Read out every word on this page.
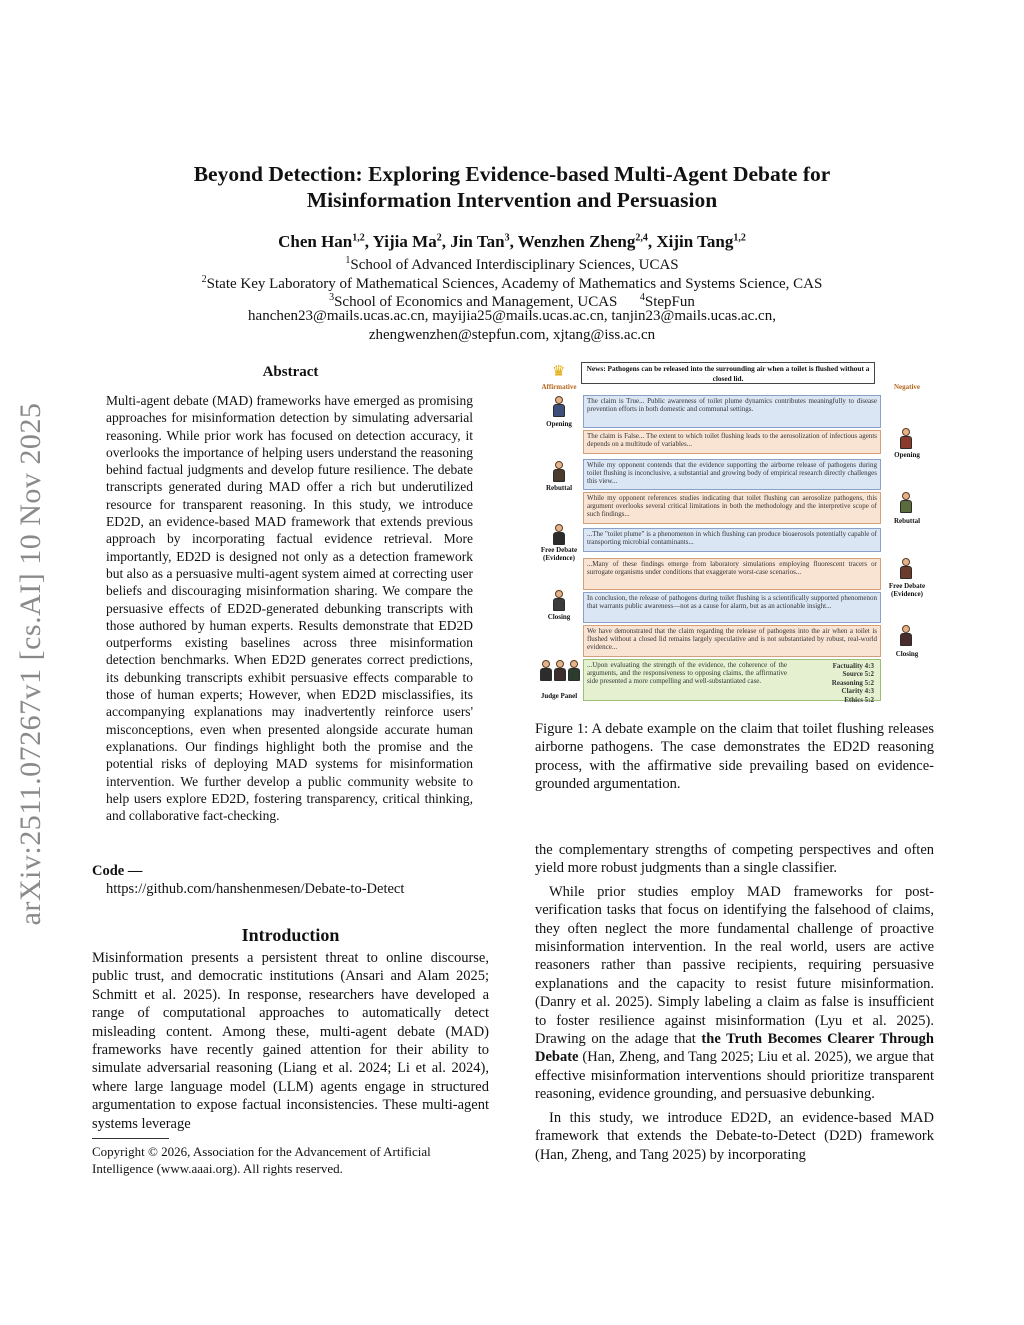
arXiv:2511.07267v1 [cs.AI] 10 Nov 2025
Beyond Detection: Exploring Evidence-based Multi-Agent Debate for
Misinformation Intervention and Persuasion
Chen Han$^{1,2}$, Yijia Ma$^2$, Jin Tan$^3$, Wenzhen Zheng$^{2,4}$, Xijin Tang$^{1,2}$
$^1$School of Advanced Interdisciplinary Sciences, UCAS
$^2$State Key Laboratory of Mathematical Sciences, Academy of Mathematics and Systems Science, CAS
$^3$School of Economics and Management, UCAS $^4$StepFun
hanchen23@mails.ucas.ac.cn, mayijia25@mails.ucas.ac.cn, tanjin23@mails.ucas.ac.cn,
zhengwenzhen@stepfun.com, xjtang@iss.ac.cn
Abstract
Multi-agent debate (MAD) frameworks have emerged as promising approaches for misinformation detection by simulating adversarial reasoning. While prior work has focused on detection accuracy, it overlooks the importance of helping users understand the reasoning behind factual judgments and develop future resilience. The debate transcripts generated during MAD offer a rich but underutilized resource for transparent reasoning. In this study, we introduce ED2D, an evidence-based MAD framework that extends previous approach by incorporating factual evidence retrieval. More importantly, ED2D is designed not only as a detection framework but also as a persuasive multi-agent system aimed at correcting user beliefs and discouraging misinformation sharing. We compare the persuasive effects of ED2D-generated debunking transcripts with those authored by human experts. Results demonstrate that ED2D outperforms existing baselines across three misinformation detection benchmarks. When ED2D generates correct predictions, its debunking transcripts exhibit persuasive effects comparable to those of human experts; However, when ED2D misclassifies, its accompanying explanations may inadvertently reinforce users' misconceptions, even when presented alongside accurate human explanations. Our findings highlight both the promise and the potential risks of deploying MAD systems for misinformation intervention. We further develop a public community website to help users explore ED2D, fostering transparency, critical thinking, and collaborative fact-checking.
Code —
https://github.com/hanshenmesen/Debate-to-Detect
Introduction
Misinformation presents a persistent threat to online discourse, public trust, and democratic institutions (Ansari and Alam 2025; Schmitt et al. 2025). In response, researchers have developed a range of computational approaches to automatically detect misleading content. Among these, multi-agent debate (MAD) frameworks have recently gained attention for their ability to simulate adversarial reasoning (Liang et al. 2024; Li et al. 2024), where large language model (LLM) agents engage in structured argumentation to expose factual inconsistencies. These multi-agent systems leverage
Copyright © 2026, Association for the Advancement of Artificial Intelligence (www.aaai.org). All rights reserved.
♛	News: Pathogens can be released into the surrounding air when a toilet is flushed without a closed lid.
Affirmative	Negative
Opening
The claim is True... Public awareness of toilet plume dynamics contributes meaningfully to disease prevention efforts in both domestic and communal settings.
The claim is False... The extent to which toilet flushing leads to the aerosolization of infectious agents depends on a multitude of variables...
Opening
Rebuttal
While my opponent contends that the evidence supporting the airborne release of pathogens during toilet flushing is inconclusive, a substantial and growing body of empirical research directly challenges this view...
While my opponent references studies indicating that toilet flushing can aerosolize pathogens, this argument overlooks several critical limitations in both the methodology and the interpretive scope of such findings...
Rebuttal
Free Debate (Evidence)
...The "toilet plume" is a phenomenon in which flushing can produce bioaerosols potentially capable of transporting microbial contaminants...
...Many of these findings emerge from laboratory simulations employing fluorescent tracers or surrogate organisms under conditions that exaggerate worst-case scenarios...
Free Debate (Evidence)
Closing
In conclusion, the release of pathogens during toilet flushing is a scientifically supported phenomenon that warrants public awareness—not as a cause for alarm, but as an actionable insight...
We have demonstrated that the claim regarding the release of pathogens into the air when a toilet is flushed without a closed lid remains largely speculative and is not substantiated by robust, real-world evidence...
Closing
Judge Panel
...Upon evaluating the strength of the evidence, the coherence of the arguments, and the responsiveness to opposing claims, the affirmative side presented a more compelling and well-substantiated case.
Factuality 4:3
Source 5:2
Reasoning 5:2
Clarity 4:3
Ethics 5:2
Figure 1: A debate example on the claim that toilet flushing releases airborne pathogens. The case demonstrates the ED2D reasoning process, with the affirmative side prevailing based on evidence-grounded argumentation.

the complementary strengths of competing perspectives and often yield more robust judgments than a single classifier.

While prior studies employ MAD frameworks for post-verification tasks that focus on identifying the falsehood of claims, they often neglect the more fundamental challenge of proactive misinformation intervention. In the real world, users are active reasoners rather than passive recipients, requiring persuasive explanations and the capacity to resist future misinformation. (Danry et al. 2025). Simply labeling a claim as false is insufficient to foster resilience against misinformation (Lyu et al. 2025). Drawing on the adage that the Truth Becomes Clearer Through Debate (Han, Zheng, and Tang 2025; Liu et al. 2025), we argue that effective misinformation interventions should prioritize transparent reasoning, evidence grounding, and persuasive debunking.

In this study, we introduce ED2D, an evidence-based MAD framework that extends the Debate-to-Detect (D2D) framework (Han, Zheng, and Tang 2025) by incorporating
